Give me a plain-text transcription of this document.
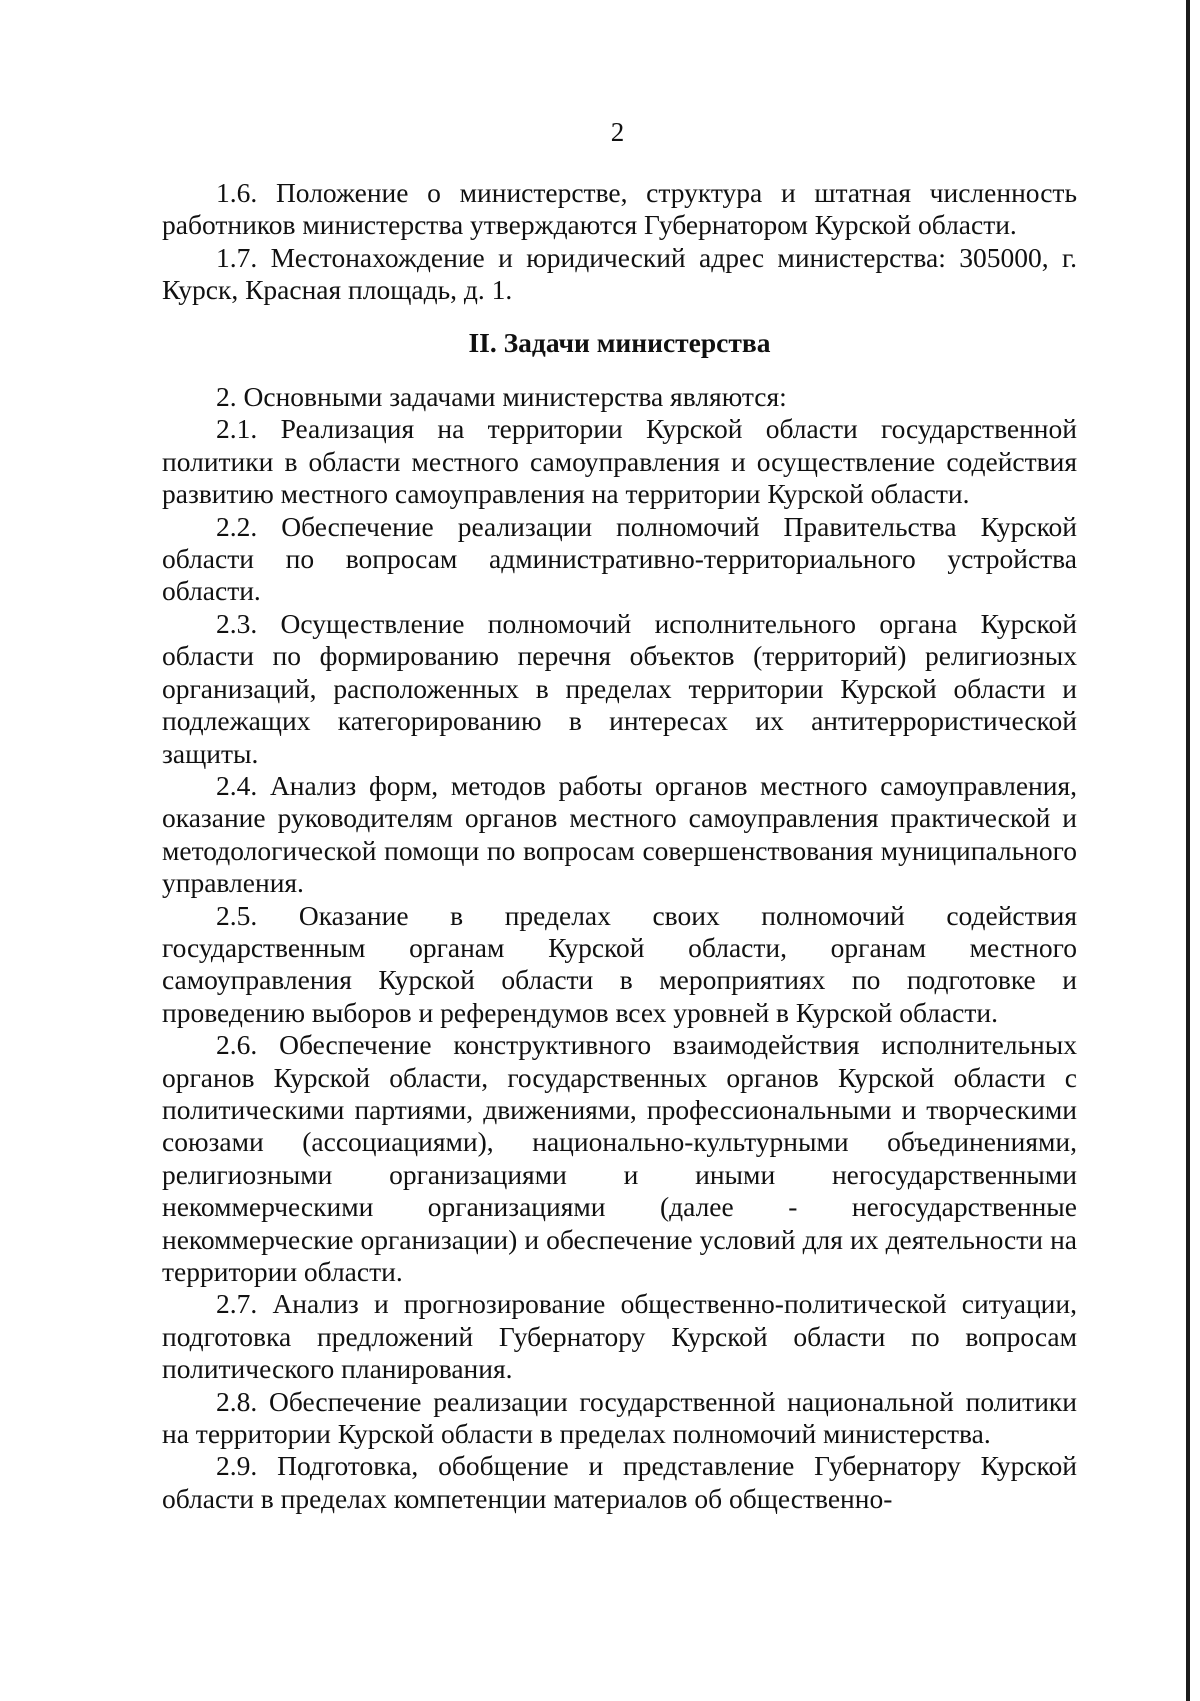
2

1.6. Положение о министерстве, структура и штатная численность работников министерства утверждаются Губернатором Курской области.

1.7. Местонахождение и юридический адрес министерства: 305000, г. Курск, Красная площадь, д. 1.

II. Задачи министерства

2. Основными задачами министерства являются:

2.1. Реализация на территории Курской области государственной политики в области местного самоуправления и осуществление содействия развитию местного самоуправления на территории Курской области.

2.2. Обеспечение реализации полномочий Правительства Курской области по вопросам административно-территориального устройства области.

2.3. Осуществление полномочий исполнительного органа Курской области по формированию перечня объектов (территорий) религиозных организаций, расположенных в пределах территории Курской области и подлежащих категорированию в интересах их антитеррористической защиты.

2.4. Анализ форм, методов работы органов местного самоуправления, оказание руководителям органов местного самоуправления практической и методологической помощи по вопросам совершенствования муниципального управления.

2.5. Оказание в пределах своих полномочий содействия государственным органам Курской области, органам местного самоуправления Курской области в мероприятиях по подготовке и проведению выборов и референдумов всех уровней в Курской области.

2.6. Обеспечение конструктивного взаимодействия исполнительных органов Курской области, государственных органов Курской области с политическими партиями, движениями, профессиональными и творческими союзами (ассоциациями), национально-культурными объединениями, религиозными организациями и иными негосударственными некоммерческими организациями (далее - негосударственные некоммерческие организации) и обеспечение условий для их деятельности на территории области.

2.7. Анализ и прогнозирование общественно-политической ситуации, подготовка предложений Губернатору Курской области по вопросам политического планирования.

2.8. Обеспечение реализации государственной национальной политики на территории Курской области в пределах полномочий министерства.

2.9. Подготовка, обобщение и представление Губернатору Курской области в пределах компетенции материалов об общественно-
